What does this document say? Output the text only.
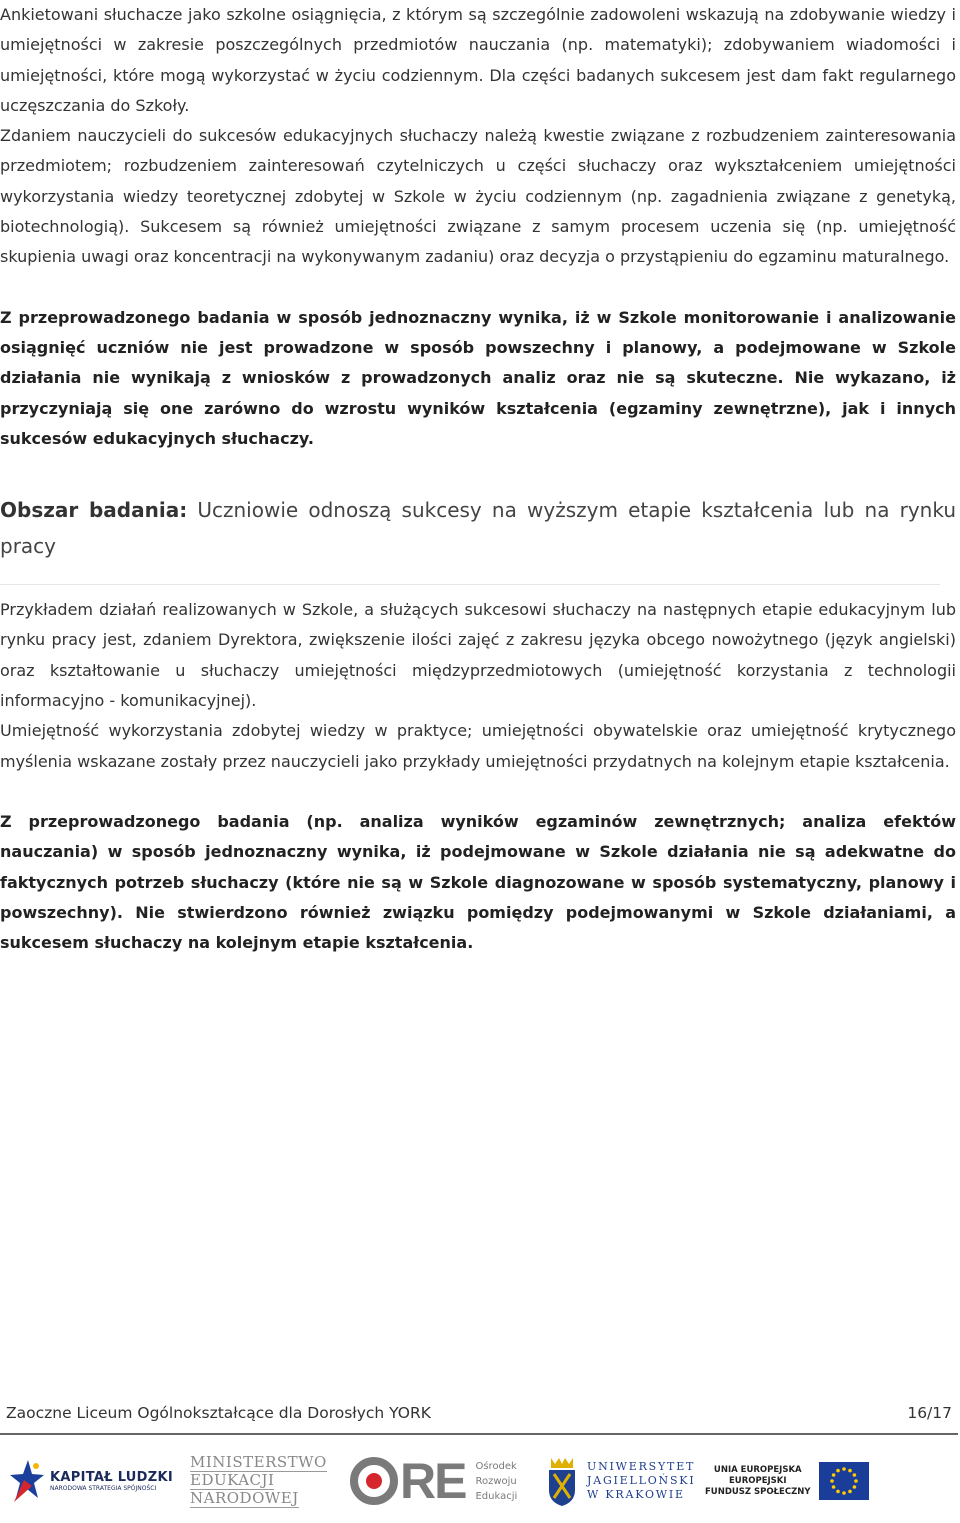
Ankietowani słuchacze jako szkolne osiągnięcia, z którym są szczególnie zadowoleni wskazują na zdobywanie wiedzy i umiejętności w zakresie poszczególnych przedmiotów nauczania (np. matematyki); zdobywaniem wiadomości i umiejętności, które mogą wykorzystać w życiu codziennym. Dla części badanych sukcesem jest dam fakt regularnego uczęszczania do Szkoły.

Zdaniem nauczycieli do sukcesów edukacyjnych słuchaczy należą kwestie związane z rozbudzeniem zainteresowania przedmiotem; rozbudzeniem zainteresowań czytelniczych u części słuchaczy oraz wykształceniem umiejętności wykorzystania wiedzy teoretycznej zdobytej w Szkole w życiu codziennym (np. zagadnienia związane z genetyką, biotechnologią). Sukcesem są również umiejętności związane z samym procesem uczenia się (np. umiejętność skupienia uwagi oraz koncentracji na wykonywanym zadaniu) oraz decyzja o przystąpieniu do egzaminu maturalnego.

Z przeprowadzonego badania w sposób jednoznaczny wynika, iż w Szkole monitorowanie i analizowanie osiągnięć uczniów nie jest prowadzone w sposób powszechny i planowy, a podejmowane w Szkole działania nie wynikają z wniosków z prowadzonych analiz oraz nie są skuteczne. Nie wykazano, iż przyczyniają się one zarówno do wzrostu wyników kształcenia (egzaminy zewnętrzne), jak i innych sukcesów edukacyjnych słuchaczy.

Obszar badania: Uczniowie odnoszą sukcesy na wyższym etapie kształcenia lub na rynku pracy

Przykładem działań realizowanych w Szkole, a służących sukcesowi słuchaczy na następnych etapie edukacyjnym lub rynku pracy jest, zdaniem Dyrektora, zwiększenie ilości zajęć z zakresu języka obcego nowożytnego (język angielski) oraz kształtowanie u słuchaczy umiejętności międzyprzedmiotowych (umiejętność korzystania z technologii informacyjno - komunikacyjnej).

Umiejętność wykorzystania zdobytej wiedzy w praktyce; umiejętności obywatelskie oraz umiejętność krytycznego myślenia wskazane zostały przez nauczycieli jako przykłady umiejętności przydatnych na kolejnym etapie kształcenia.

Z przeprowadzonego badania (np. analiza wyników egzaminów zewnętrznych; analiza efektów nauczania) w sposób jednoznaczny wynika, iż podejmowane w Szkole działania nie są adekwatne do faktycznych potrzeb słuchaczy (które nie są w Szkole diagnozowane w sposób systematyczny, planowy i powszechny). Nie stwierdzono również związku pomiędzy podejmowanymi w Szkole działaniami, a sukcesem słuchaczy na kolejnym etapie kształcenia.

Zaoczne Liceum Ogólnokształcące dla Dorosłych YORK	16/17
KAPITAŁ LUDZKI
NARODOWA STRATEGIA SPÓJNOŚCI
MINISTERSTWO
EDUKACJI
NARODOWEJ RE Ośrodek
Rozwoju
Edukacji
UNIWERSYTET
JAGIELLOŃSKI
W KRAKOWIE
UNIA EUROPEJSKA
EUROPEJSKI
FUNDUSZ SPOŁECZNY
